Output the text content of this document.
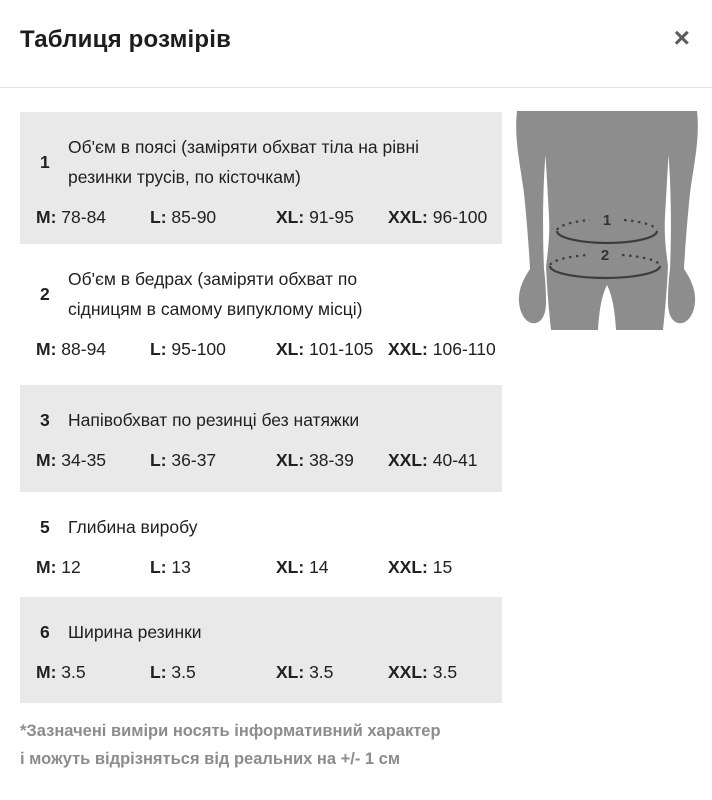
Таблиця розмірів	×
1
Об'єм в поясі (заміряти обхват тіла на рівні
резинки трусів, по кісточкам)
M: 78-84	L: 85-90	XL: 91-95	XXL: 96-100
2
Об'єм в бедрах (заміряти обхват по
сідницям в самому випуклому місці)
M: 88-94	L: 95-100	XL: 101-105 XXL: 106-110
3	Напівобхват по резинці без натяжки
M: 34-35	L: 36-37	XL: 38-39	XXL: 40-41
5	Глибина виробу
M: 12	L: 13	XL: 14	XXL: 15
6	Ширина резинки
M: 3.5	L: 3.5	XL: 3.5	XXL: 3.5
1
2

*Зазначені виміри носять інформативний характер
і можуть відрізняться від реальних на +/- 1 см
